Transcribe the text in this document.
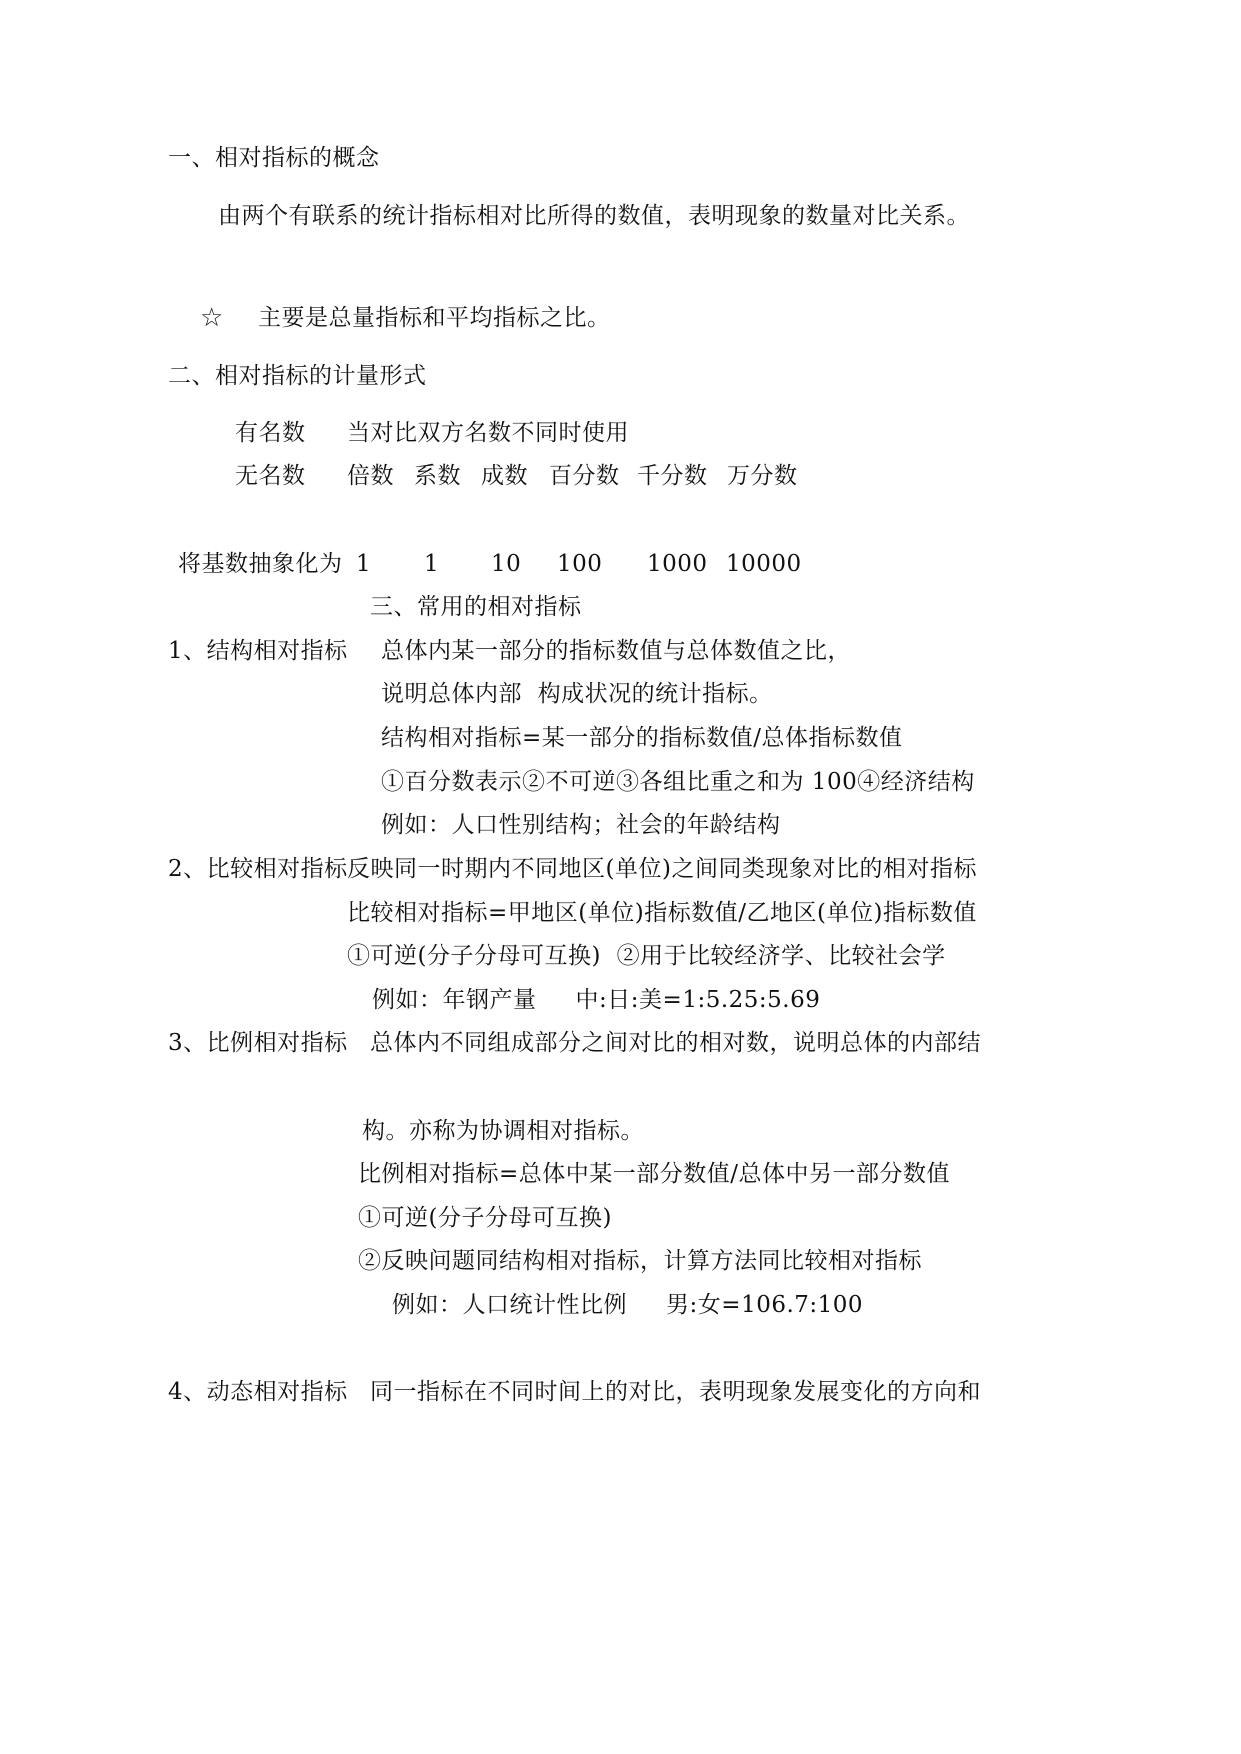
一、相对指标的概念
由两个有联系的统计指标相对比所得的数值，表明现象的数量对比关系。
☆ 主要是总量指标和平均指标之比。
二、相对指标的计量形式
有名数 当对比双方名数不同时使用
无名数 倍数 系数 成数 百分数 千分数 万分数
将基数抽象化为 1 1 10 100 1000 10000
三、常用的相对指标
1、结构相对指标 总体内某一部分的指标数值与总体数值之比，
说明总体内部  构成状况的统计指标。
结构相对指标=某一部分的指标数值/总体指标数值
①百分数表示②不可逆③各组比重之和为 100④经济结构
例如：人口性别结构；社会的年龄结构
2、比较相对指标 反映同一时期内不同地区(单位)之间同类现象对比的相对指标
比较相对指标=甲地区(单位)指标数值/乙地区(单位)指标数值
①可逆(分子分母可互换)  ②用于比较经济学、比较社会学
例如：年钢产量     中:日:美=1:5.25:5.69
3、比例相对指标 总体内不同组成部分之间对比的相对数，说明总体的内部结
构。亦称为协调相对指标。
比例相对指标=总体中某一部分数值/总体中另一部分数值
①可逆(分子分母可互换)
②反映问题同结构相对指标，计算方法同比较相对指标
例如：人口统计性比例     男:女=106.7:100
4、动态相对指标 同一指标在不同时间上的对比，表明现象发展变化的方向和
